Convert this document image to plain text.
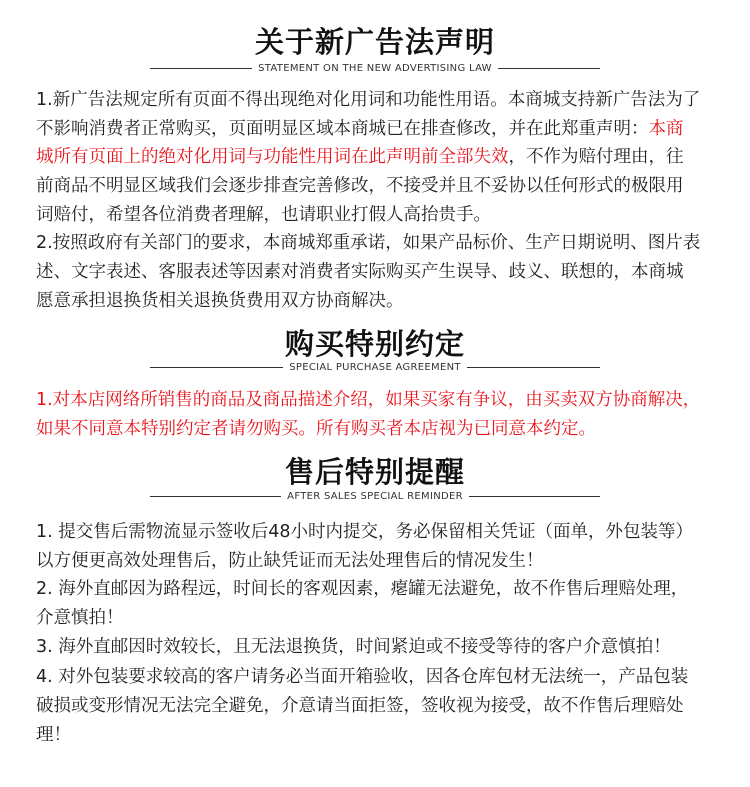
关于新广告法声明
STATEMENT ON THE NEW ADVERTISING LAW
1.新广告法规定所有页面不得出现绝对化用词和功能性用语。本商城支持新广告法为了
不影响消费者正常购买，页面明显区域本商城已在排查修改，并在此郑重声明：本商
城所有页面上的绝对化用词与功能性用词在此声明前全部失效，不作为赔付理由，往
前商品不明显区域我们会逐步排查完善修改，不接受并且不妥协以任何形式的极限用
词赔付，希望各位消费者理解，也请职业打假人高抬贵手。
2.按照政府有关部门的要求，本商城郑重承诺，如果产品标价、生产日期说明、图片表
述、文字表述、客服表述等因素对消费者实际购买产生误导、歧义、联想的，本商城
愿意承担退换货相关退换货费用双方协商解决。
购买特别约定
SPECIAL PURCHASE AGREEMENT
1.对本店网络所销售的商品及商品描述介绍，如果买家有争议，由买卖双方协商解决，
如果不同意本特别约定者请勿购买。所有购买者本店视为已同意本约定。
售后特别提醒
AFTER SALES SPECIAL REMINDER
1. 提交售后需物流显示签收后48小时内提交，务必保留相关凭证（面单，外包装等）
以方便更高效处理售后，防止缺凭证而无法处理售后的情况发生！
2. 海外直邮因为路程远，时间长的客观因素，瘪罐无法避免，故不作售后理赔处理，
介意慎拍！
3. 海外直邮因时效较长，且无法退换货，时间紧迫或不接受等待的客户介意慎拍！
4. 对外包装要求较高的客户请务必当面开箱验收，因各仓库包材无法统一，产品包装
破损或变形情况无法完全避免，介意请当面拒签，签收视为接受，故不作售后理赔处
理！
